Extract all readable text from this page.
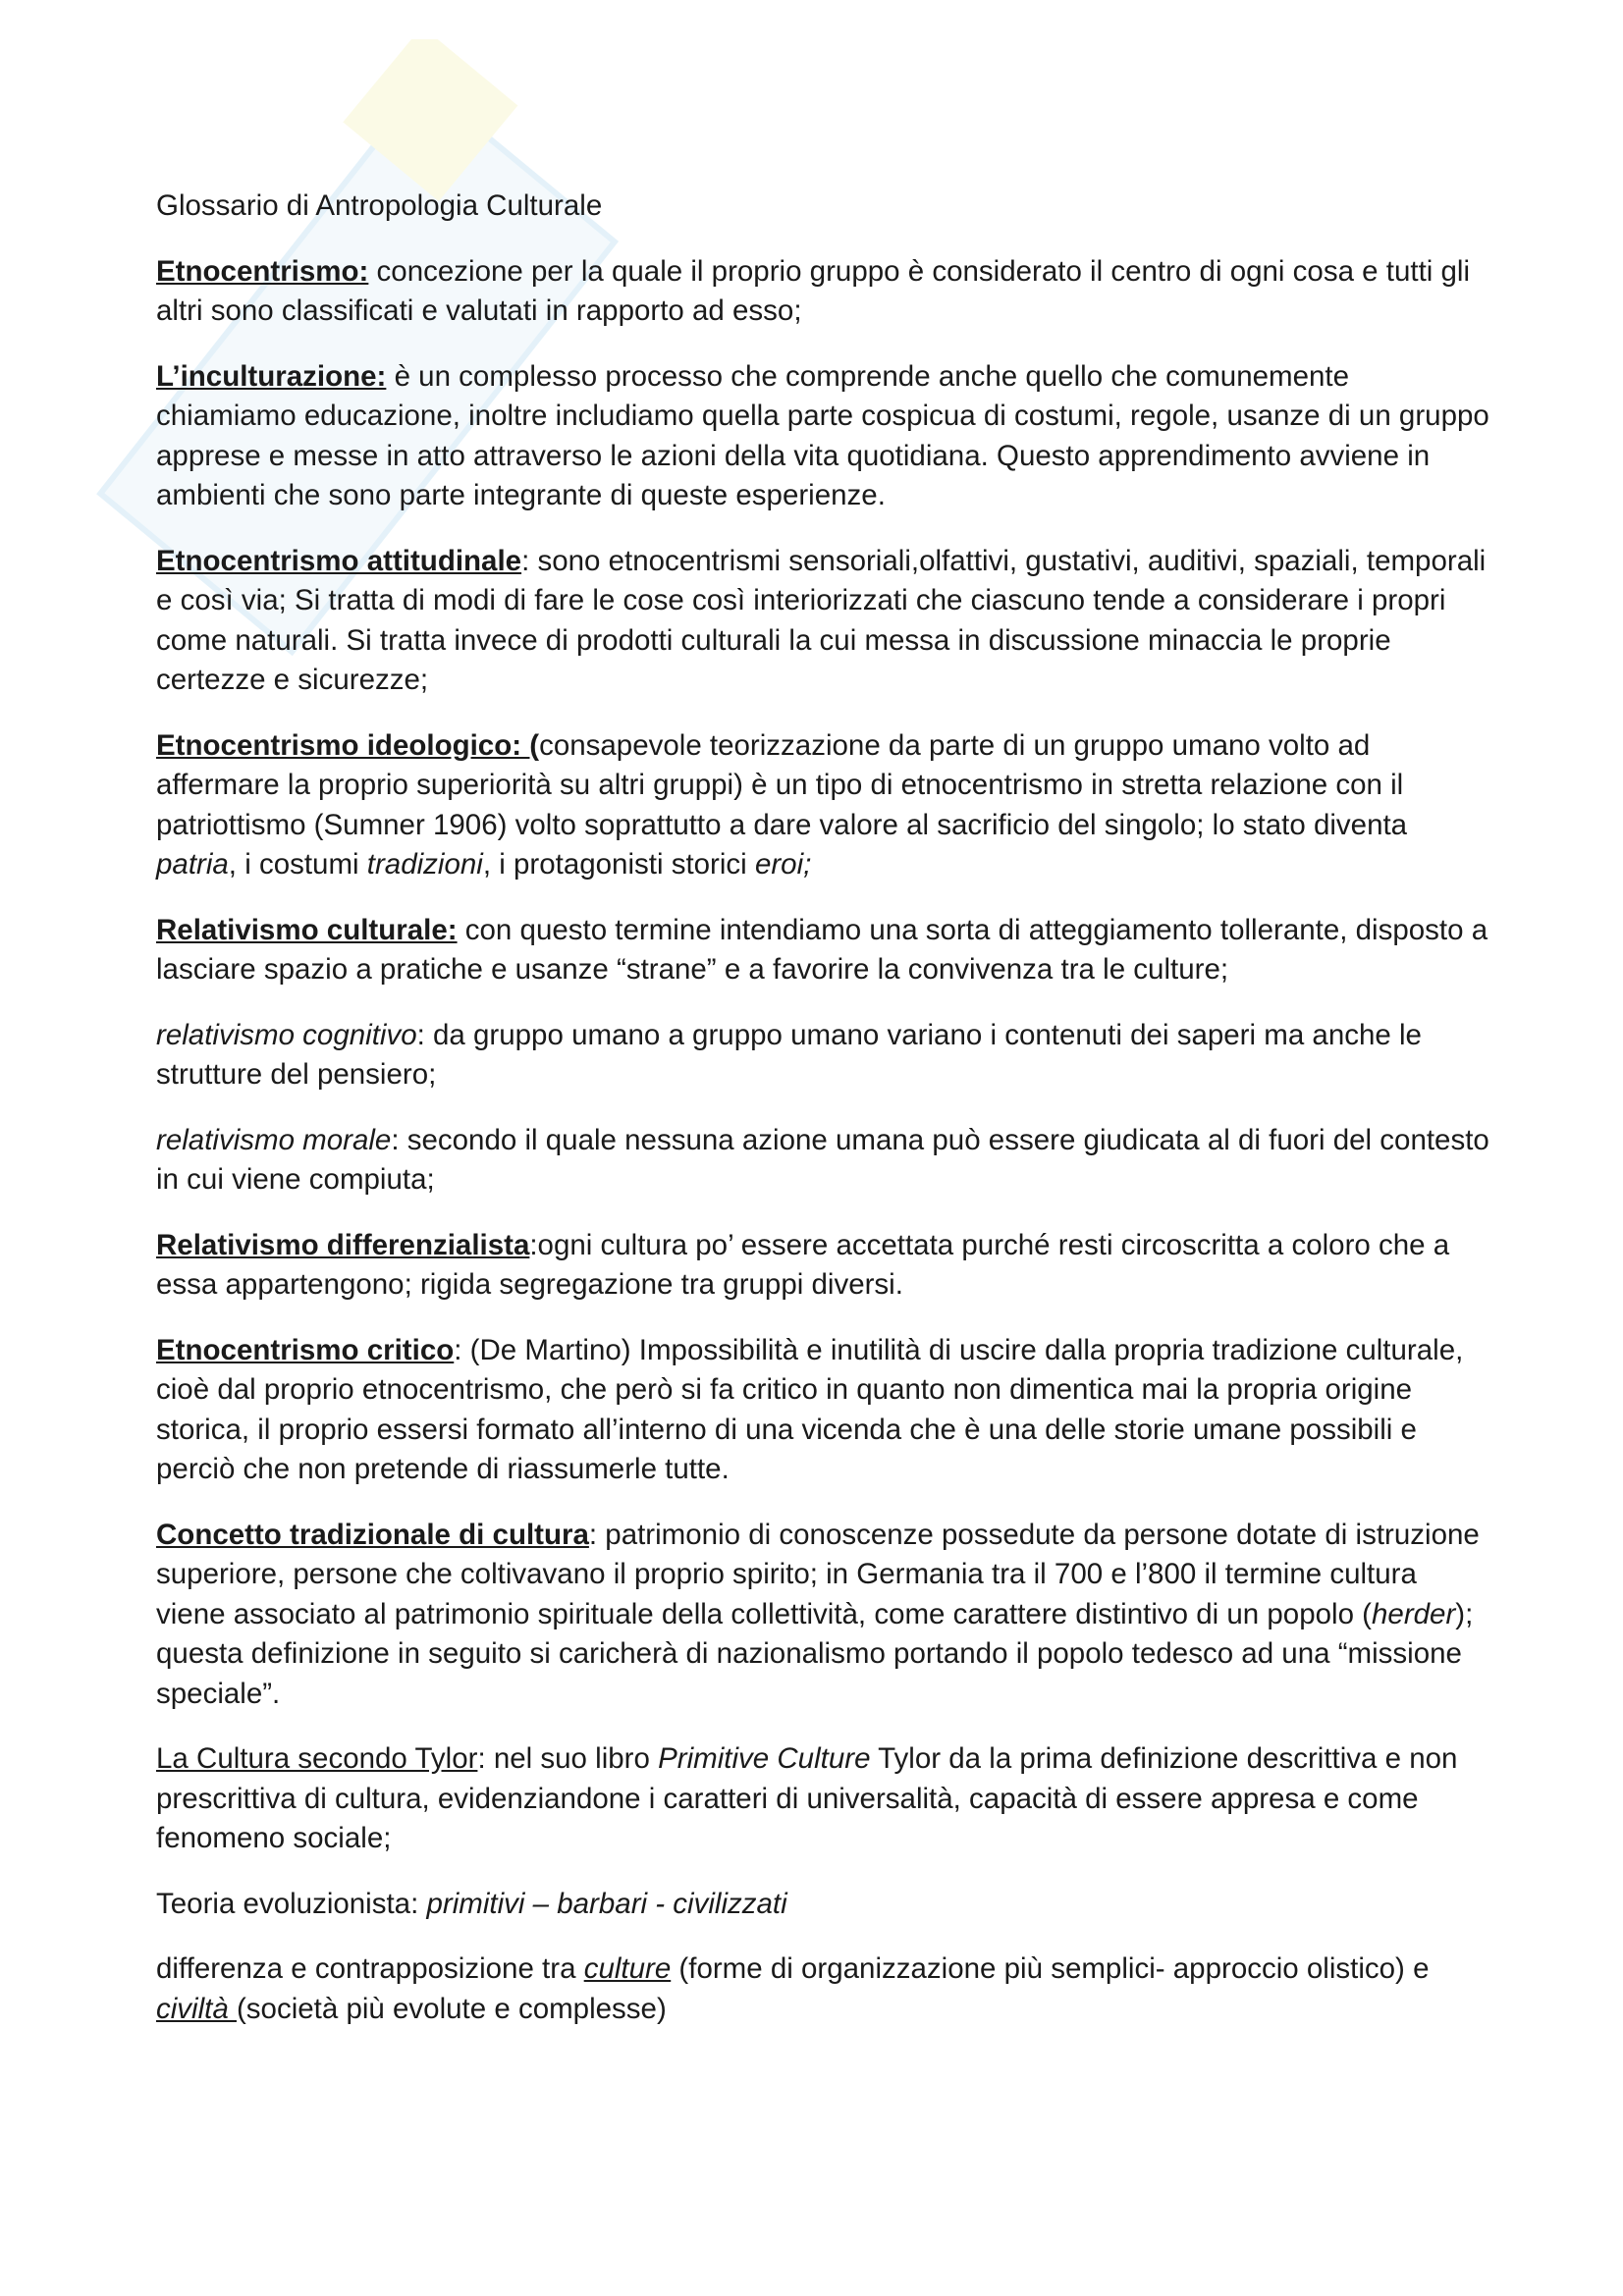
Glossario di Antropologia Culturale

Etnocentrismo: concezione per la quale il proprio gruppo è considerato il centro di ogni cosa e tutti gli altri sono classificati e valutati in rapporto ad esso;

L’inculturazione: è un complesso processo che comprende anche quello che comunemente chiamiamo educazione, inoltre includiamo quella parte cospicua di costumi, regole, usanze di un gruppo apprese e messe in atto attraverso le azioni della vita quotidiana. Questo apprendimento avviene in ambienti che sono parte integrante di queste esperienze.

Etnocentrismo attitudinale: sono etnocentrismi sensoriali,olfattivi, gustativi, auditivi, spaziali, temporali e così via; Si tratta di modi di fare le cose così interiorizzati che ciascuno tende a considerare i propri come naturali. Si tratta invece di prodotti culturali la cui messa in discussione minaccia le proprie certezze e sicurezze;

Etnocentrismo ideologico: (consapevole teorizzazione da parte di un gruppo umano volto ad affermare la proprio superiorità su altri gruppi) è un tipo di etnocentrismo in stretta relazione con il patriottismo (Sumner 1906) volto soprattutto a dare valore al sacrificio del singolo; lo stato diventa patria, i costumi tradizioni, i protagonisti storici eroi;

Relativismo culturale: con questo termine intendiamo una sorta di atteggiamento tollerante, disposto a lasciare spazio a pratiche e usanze “strane” e a favorire la convivenza tra le culture;

relativismo cognitivo: da gruppo umano a gruppo umano variano i contenuti dei saperi ma anche le strutture del pensiero;

relativismo morale: secondo il quale nessuna azione umana può essere giudicata al di fuori del contesto in cui viene compiuta;

Relativismo differenzialista:ogni cultura po’ essere accettata purché resti circoscritta a coloro che a essa appartengono; rigida segregazione tra gruppi diversi.

Etnocentrismo critico: (De Martino) Impossibilità e inutilità di uscire dalla propria tradizione culturale, cioè dal proprio etnocentrismo, che però si fa critico in quanto non dimentica mai la propria origine storica, il proprio essersi formato all’interno di una vicenda che è una delle storie umane possibili e perciò che non pretende di riassumerle tutte.

Concetto tradizionale di cultura: patrimonio di conoscenze possedute da persone dotate di istruzione superiore, persone che coltivavano il proprio spirito; in Germania tra il 700 e l’800 il termine cultura viene associato al patrimonio spirituale della collettività, come carattere distintivo di un popolo (herder); questa definizione in seguito si caricherà di nazionalismo portando il popolo tedesco ad una “missione speciale”.

La Cultura secondo Tylor: nel suo libro Primitive Culture Tylor da la prima definizione descrittiva e non prescrittiva di cultura, evidenziandone i caratteri di universalità, capacità di essere appresa e come fenomeno sociale;

Teoria evoluzionista: primitivi – barbari - civilizzati

differenza e contrapposizione tra culture (forme di organizzazione più semplici- approccio olistico) e civiltà (società più evolute e complesse)
